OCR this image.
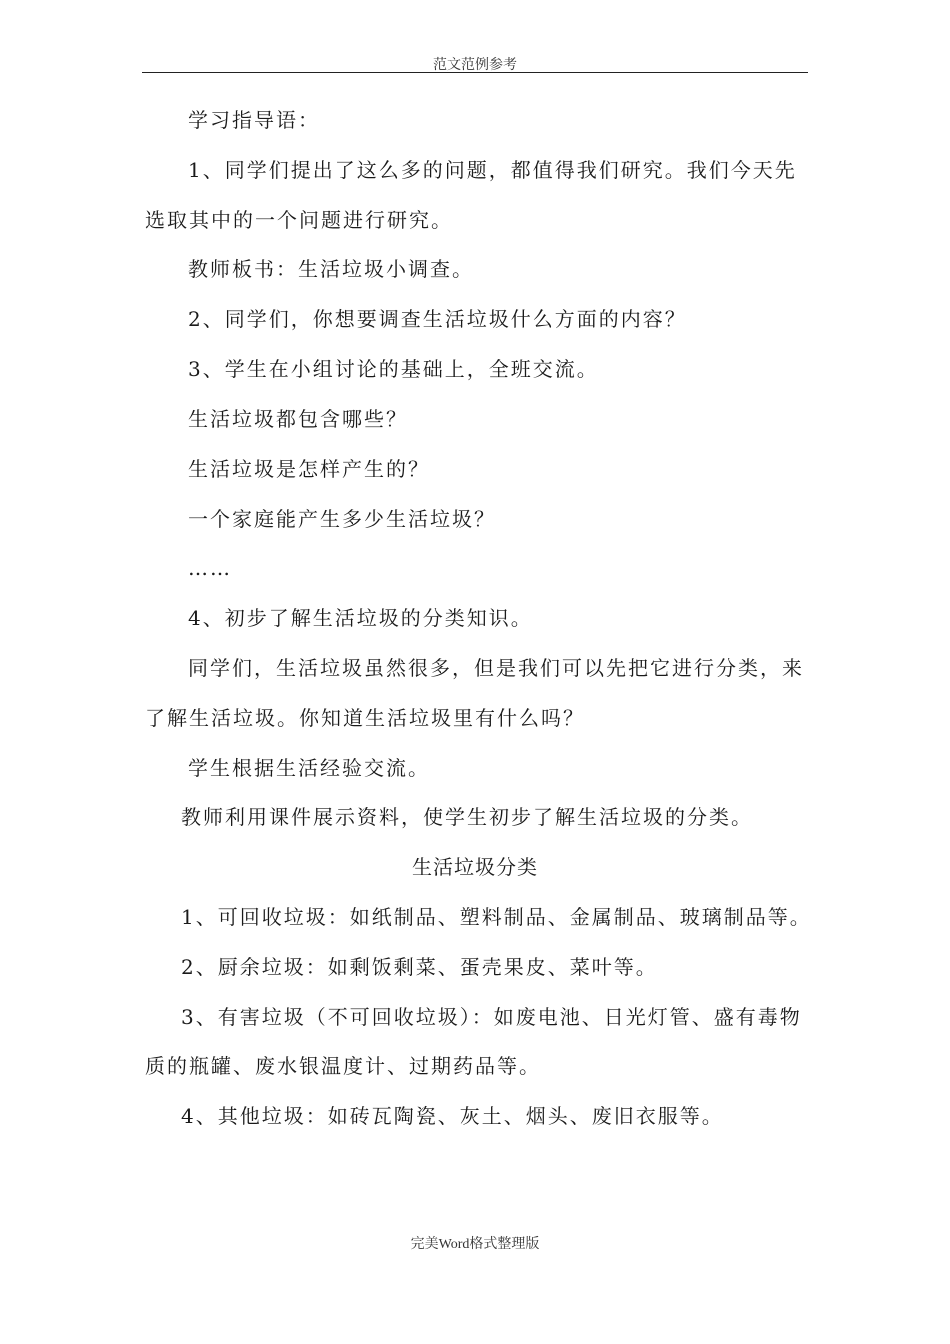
范文范例参考
学习指导语：
1、同学们提出了这么多的问题，都值得我们研究。我们今天先
选取其中的一个问题进行研究。
教师板书：生活垃圾小调查。
2、同学们，你想要调查生活垃圾什么方面的内容？
3、学生在小组讨论的基础上，全班交流。
生活垃圾都包含哪些？
生活垃圾是怎样产生的？
一个家庭能产生多少生活垃圾？
……
4、初步了解生活垃圾的分类知识。
同学们，生活垃圾虽然很多，但是我们可以先把它进行分类，来
了解生活垃圾。你知道生活垃圾里有什么吗？
学生根据生活经验交流。
教师利用课件展示资料，使学生初步了解生活垃圾的分类。
生活垃圾分类
1、可回收垃圾：如纸制品、塑料制品、金属制品、玻璃制品等。
2、厨余垃圾：如剩饭剩菜、蛋壳果皮、菜叶等。
3、有害垃圾（不可回收垃圾）：如废电池、日光灯管、盛有毒物
质的瓶罐、废水银温度计、过期药品等。
4、其他垃圾：如砖瓦陶瓷、灰土、烟头、废旧衣服等。
完美Word格式整理版
